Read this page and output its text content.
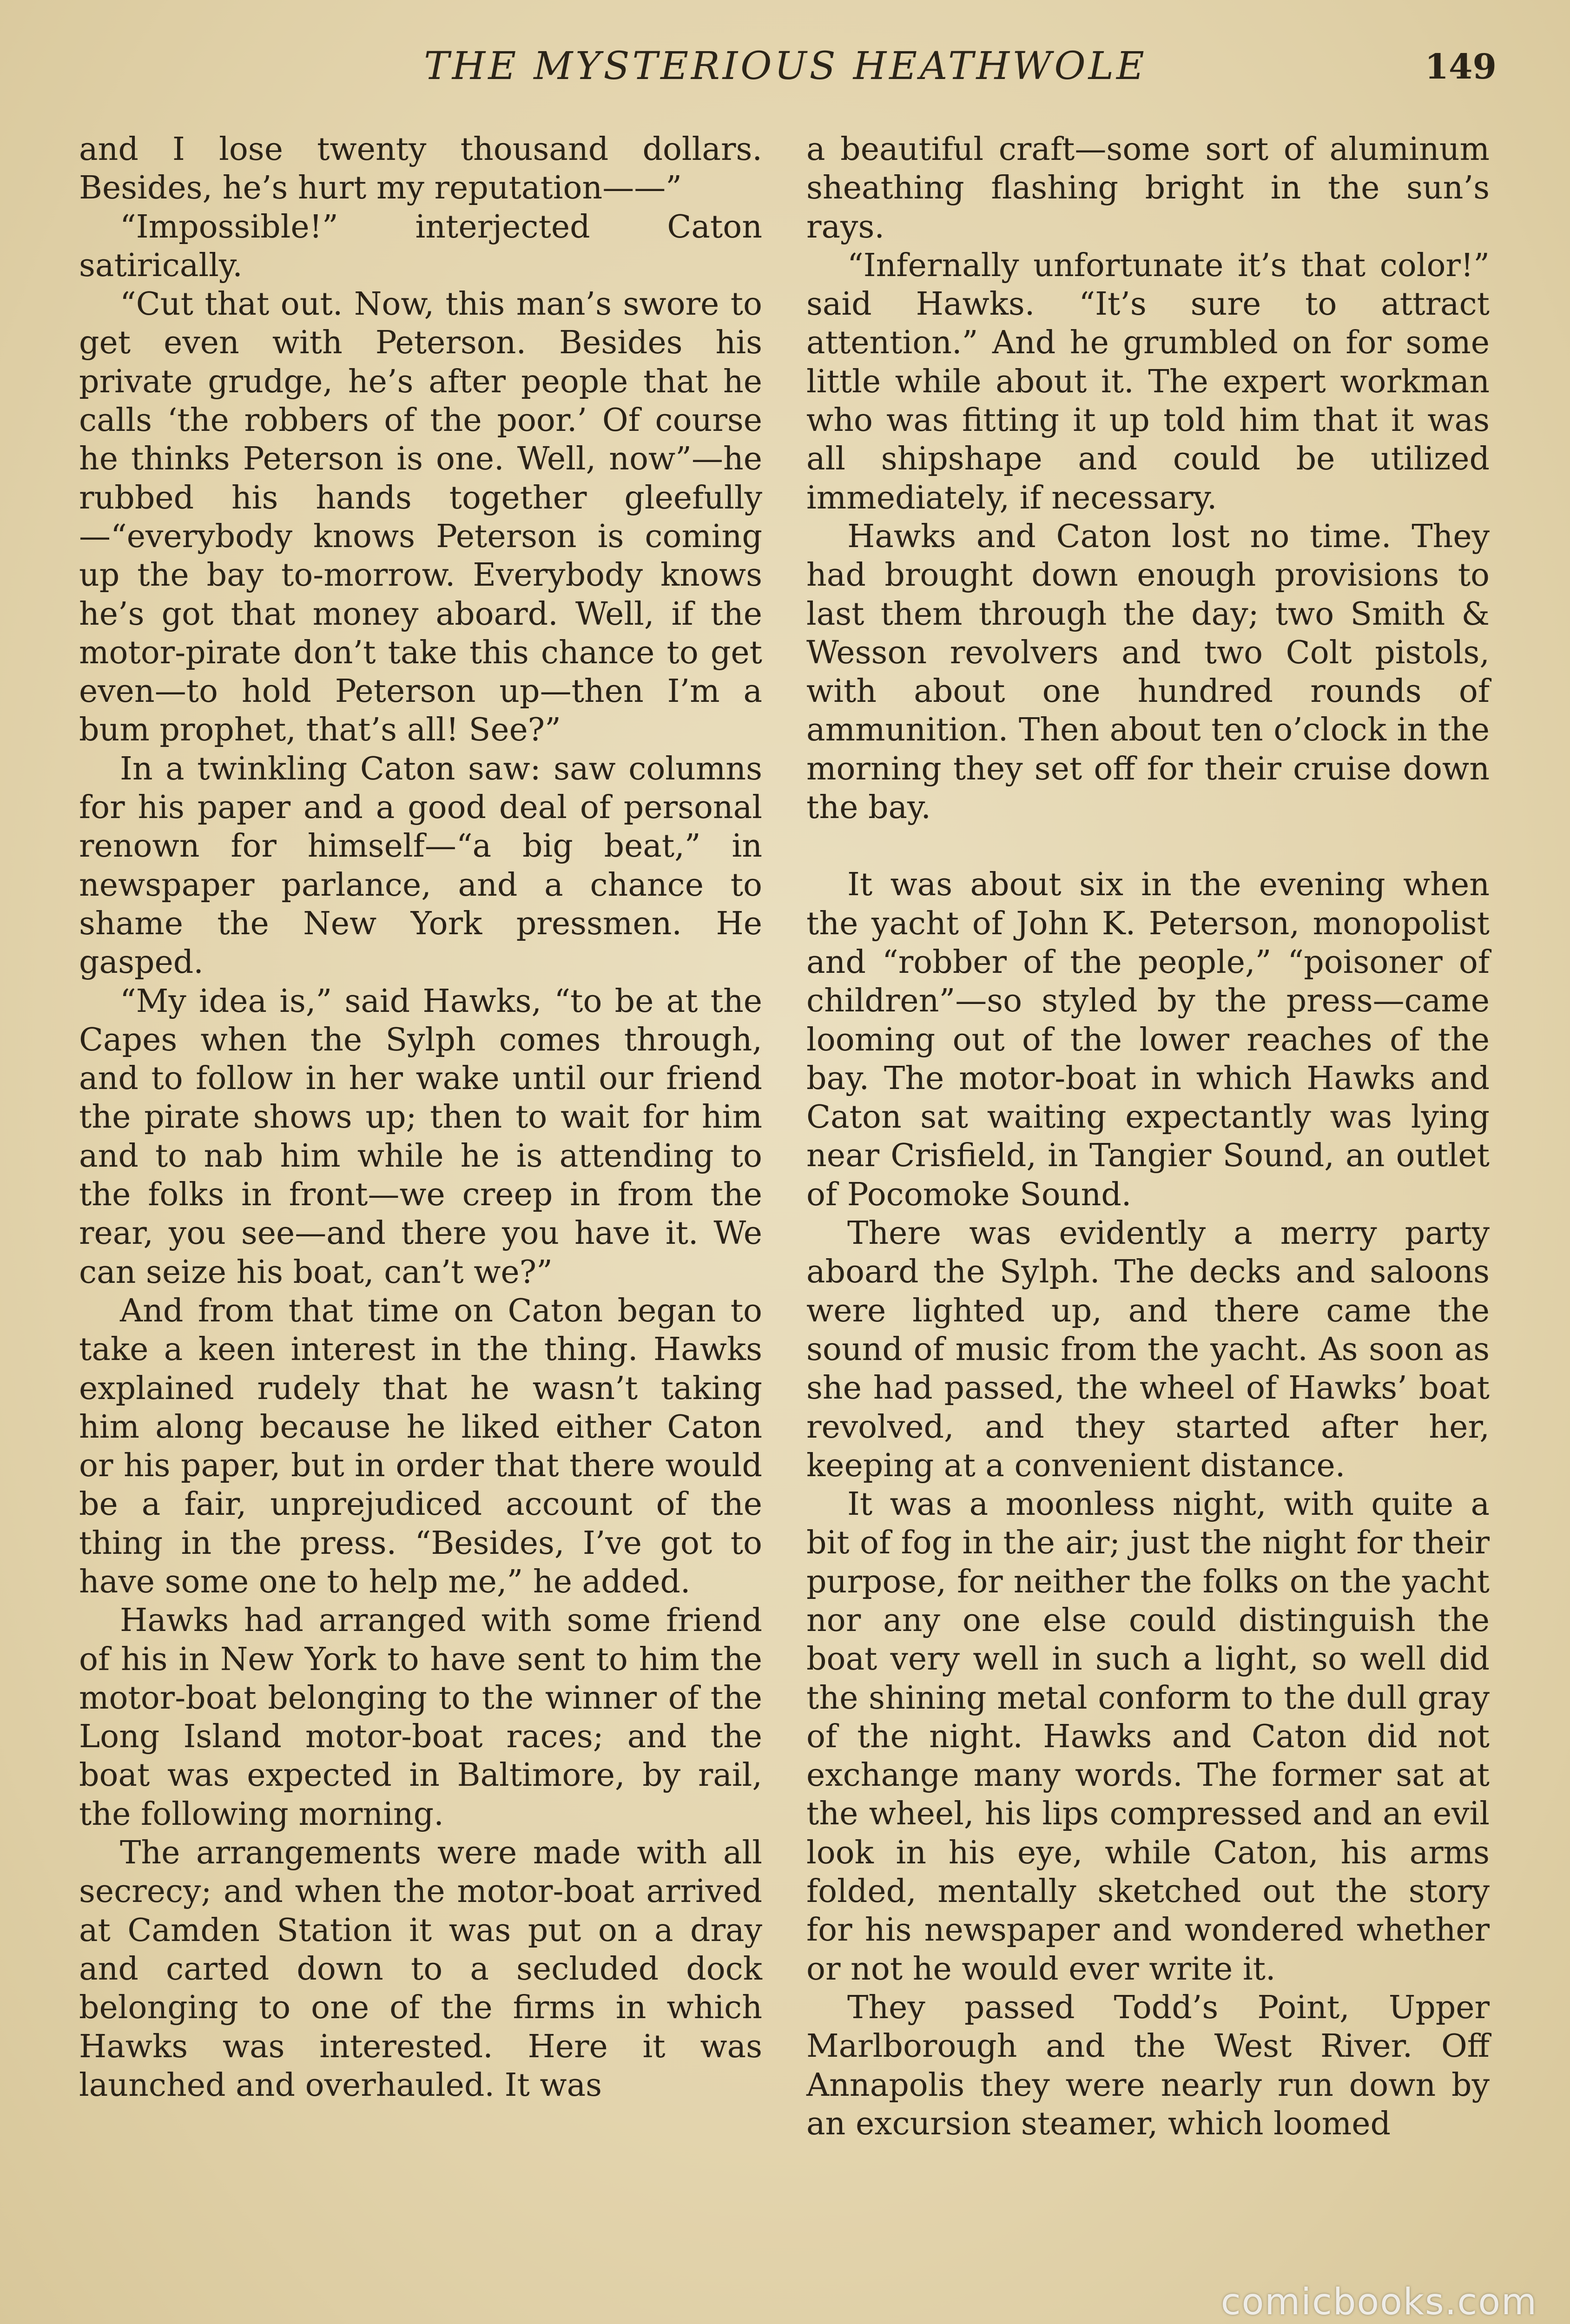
THE MYSTERIOUS HEATHWOLE	149

and I lose twenty thousand dollars. Besides, he’s hurt my reputation——”

“Impossible!” interjected Caton satirically.

“Cut that out. Now, this man’s swore to get even with Peterson. Besides his private grudge, he’s after people that he calls ‘the robbers of the poor.’ Of course he thinks Peterson is one. Well, now”—he rubbed his hands together gleefully—“everybody knows Peterson is coming up the bay to-morrow. Everybody knows he’s got that money aboard. Well, if the motor-pirate don’t take this chance to get even—to hold Peterson up—then I’m a bum prophet, that’s all! See?”

In a twinkling Caton saw: saw columns for his paper and a good deal of personal renown for himself—“a big beat,” in newspaper parlance, and a chance to shame the New York pressmen. He gasped.

“My idea is,” said Hawks, “to be at the Capes when the Sylph comes through, and to follow in her wake until our friend the pirate shows up; then to wait for him and to nab him while he is attending to the folks in front—we creep in from the rear, you see—and there you have it. We can seize his boat, can’t we?”

And from that time on Caton began to take a keen interest in the thing. Hawks explained rudely that he wasn’t taking him along because he liked either Caton or his paper, but in order that there would be a fair, unprejudiced account of the thing in the press. “Besides, I’ve got to have some one to help me,” he added.

Hawks had arranged with some friend of his in New York to have sent to him the motor-boat belonging to the winner of the Long Island motor-boat races; and the boat was expected in Baltimore, by rail, the following morning.

The arrangements were made with all secrecy; and when the motor-boat arrived at Camden Station it was put on a dray and carted down to a secluded dock belonging to one of the firms in which Hawks was interested. Here it was launched and overhauled. It was

a beautiful craft—some sort of aluminum sheathing flashing bright in the sun’s rays.

“Infernally unfortunate it’s that color!” said Hawks. “It’s sure to attract attention.” And he grumbled on for some little while about it. The expert workman who was fitting it up told him that it was all shipshape and could be utilized immediately, if necessary.

Hawks and Caton lost no time. They had brought down enough provisions to last them through the day; two Smith & Wesson revolvers and two Colt pistols, with about one hundred rounds of ammunition. Then about ten o’clock in the morning they set off for their cruise down the bay.

It was about six in the evening when the yacht of John K. Peterson, monopolist and “robber of the people,” “poisoner of children”—so styled by the press—came looming out of the lower reaches of the bay. The motor-boat in which Hawks and Caton sat waiting expectantly was lying near Crisfield, in Tangier Sound, an outlet of Pocomoke Sound.

There was evidently a merry party aboard the Sylph. The decks and saloons were lighted up, and there came the sound of music from the yacht. As soon as she had passed, the wheel of Hawks’ boat revolved, and they started after her, keeping at a convenient distance.

It was a moonless night, with quite a bit of fog in the air; just the night for their purpose, for neither the folks on the yacht nor any one else could distinguish the boat very well in such a light, so well did the shining metal conform to the dull gray of the night. Hawks and Caton did not exchange many words. The former sat at the wheel, his lips compressed and an evil look in his eye, while Caton, his arms folded, mentally sketched out the story for his newspaper and wondered whether or not he would ever write it.

They passed Todd’s Point, Upper Marlborough and the West River. Off Annapolis they were nearly run down by an excursion steamer, which loomed

comicbooks.com
